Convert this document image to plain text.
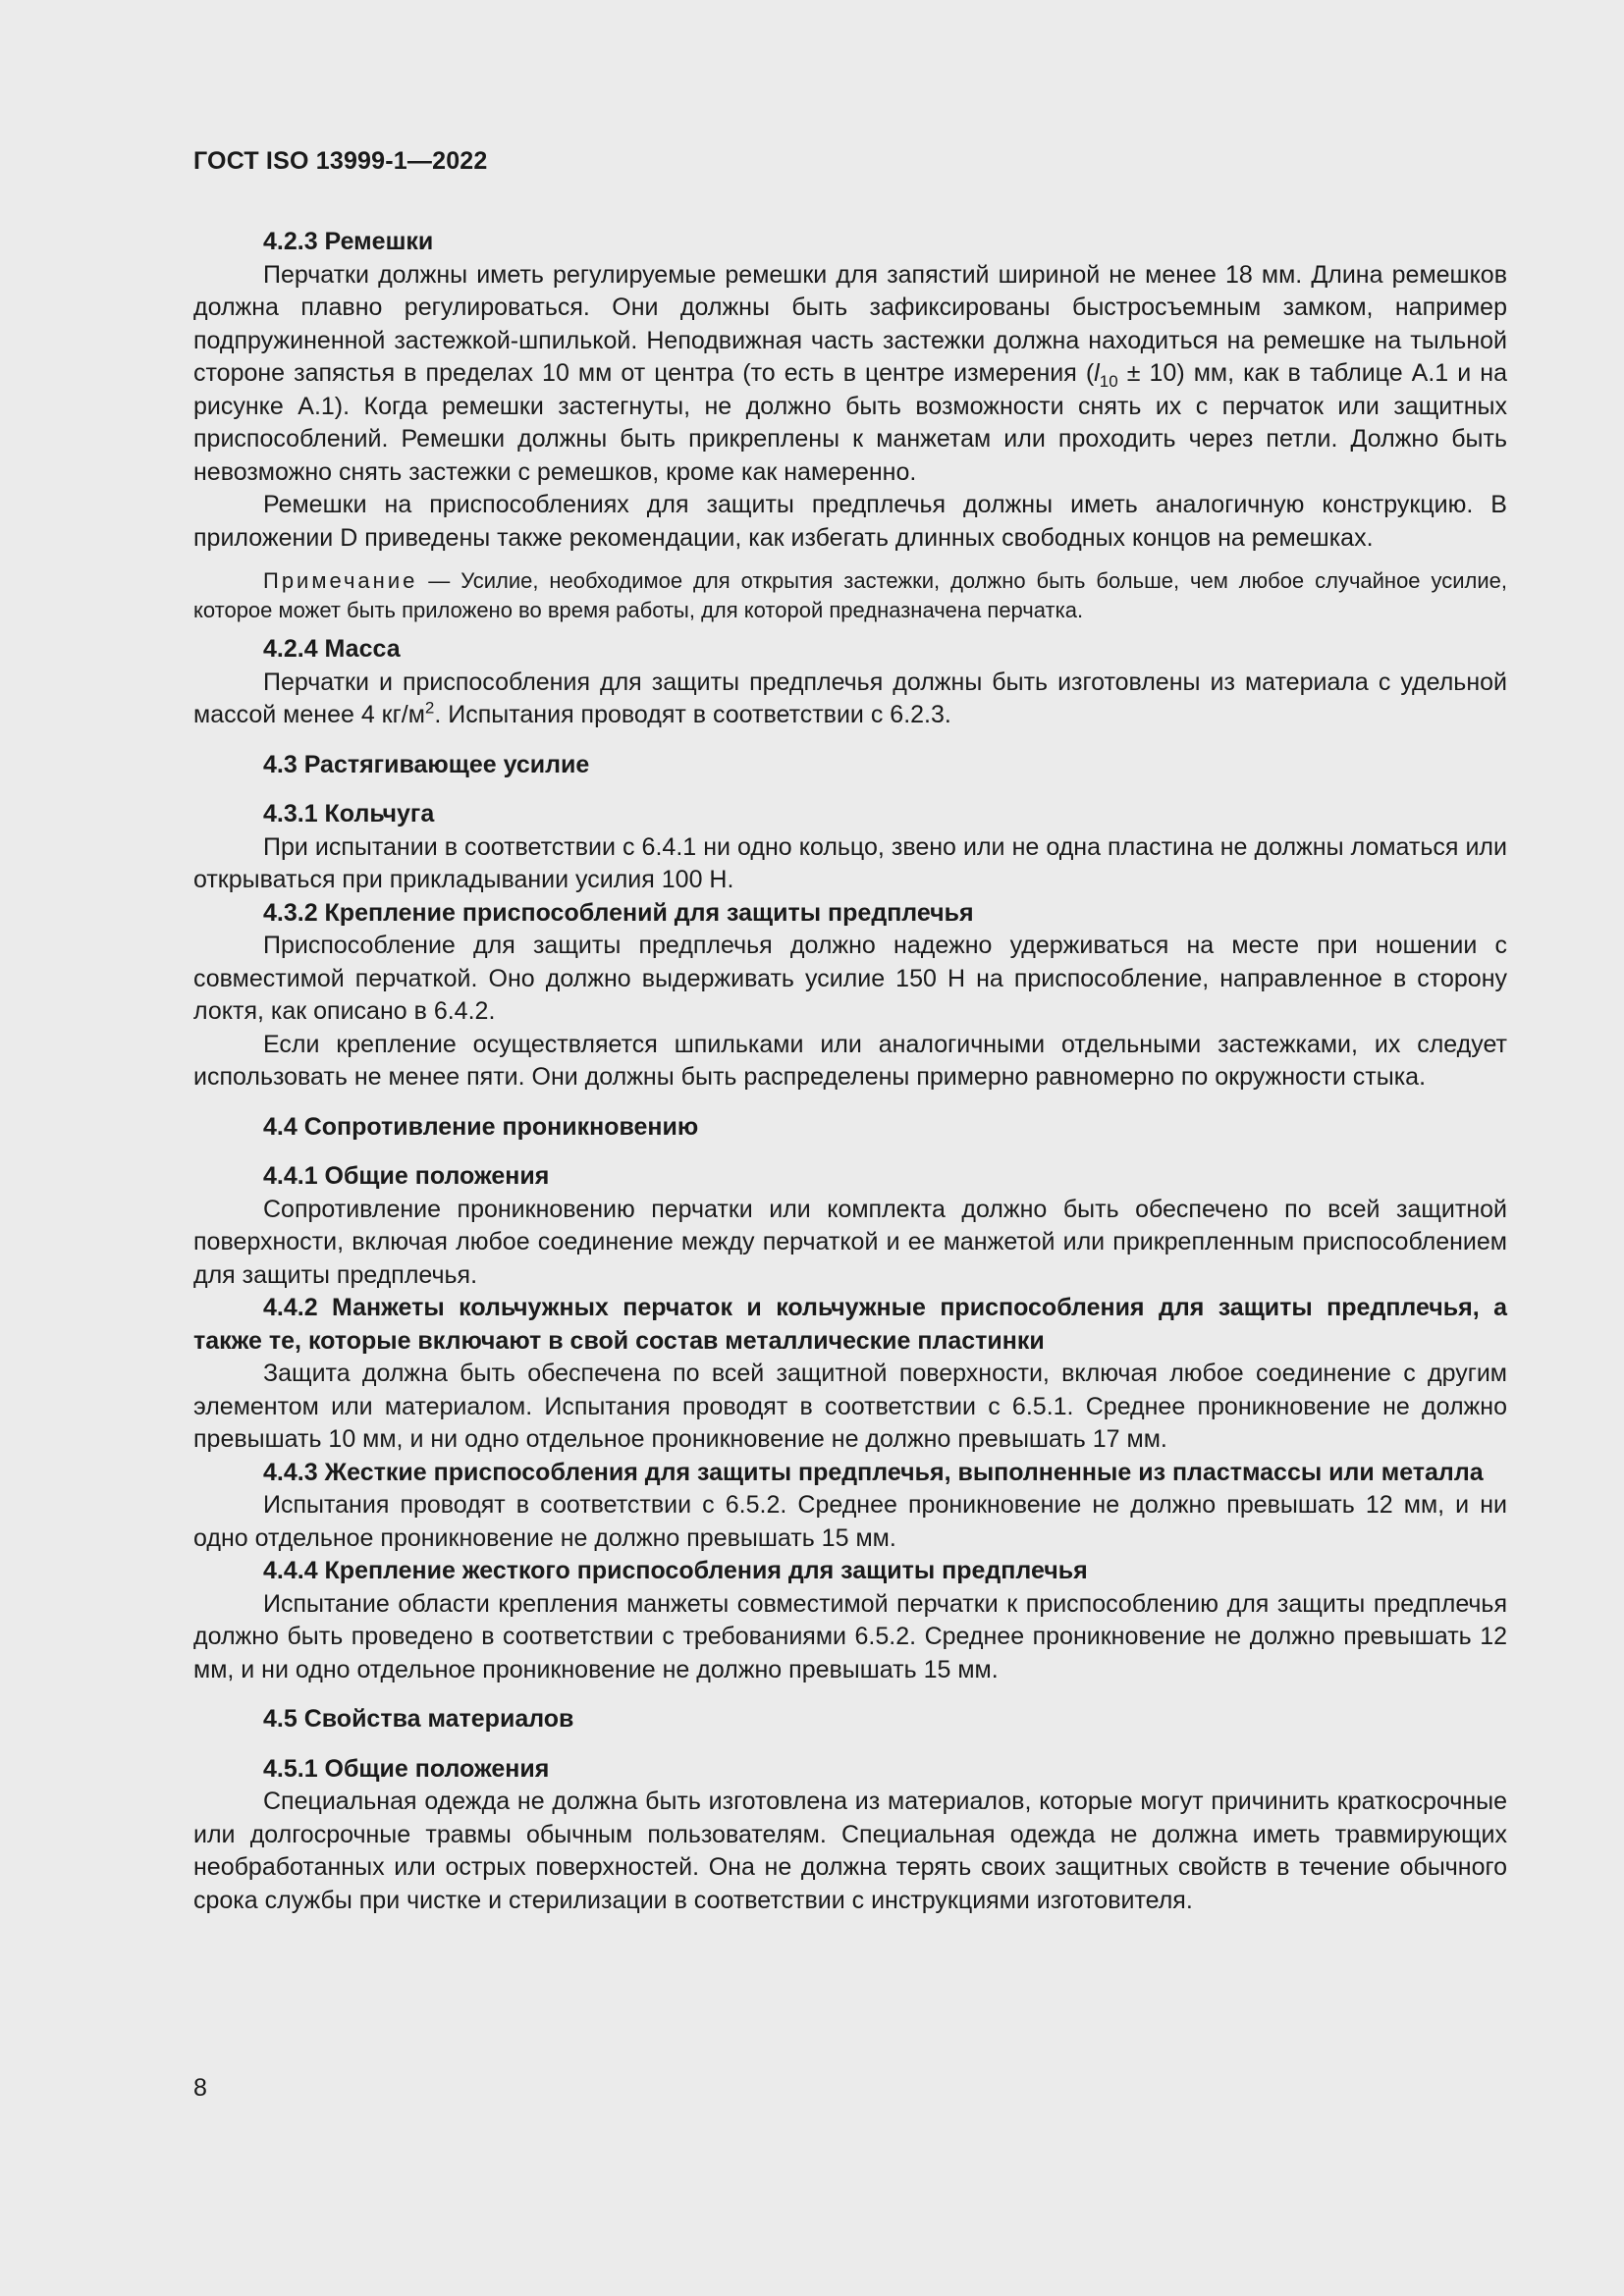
ГОСТ ISO 13999-1—2022

4.2.3 Ремешки

Перчатки должны иметь регулируемые ремешки для запястий шириной не менее 18 мм. Длина ремешков должна плавно регулироваться. Они должны быть зафиксированы быстросъемным замком, например подпружиненной застежкой-шпилькой. Неподвижная часть застежки должна находиться на ремешке на тыльной стороне запястья в пределах 10 мм от центра (то есть в центре измерения $(l_{10} \pm 10)$ мм, как в таблице А.1 и на рисунке А.1). Когда ремешки застегнуты, не должно быть возможности снять их с перчаток или защитных приспособлений. Ремешки должны быть прикреплены к манжетам или проходить через петли. Должно быть невозможно снять застежки с ремешков, кроме как намеренно.

Ремешки на приспособлениях для защиты предплечья должны иметь аналогичную конструкцию. В приложении D приведены также рекомендации, как избегать длинных свободных концов на ремешках.

Примечание — Усилие, необходимое для открытия застежки, должно быть больше, чем любое случайное усилие, которое может быть приложено во время работы, для которой предназначена перчатка.

4.2.4 Масса

Перчатки и приспособления для защиты предплечья должны быть изготовлены из материала с удельной массой менее 4 $кг/м^2$. Испытания проводят в соответствии с 6.2.3.

4.3 Растягивающее усилие

4.3.1 Кольчуга

При испытании в соответствии с 6.4.1 ни одно кольцо, звено или не одна пластина не должны ломаться или открываться при прикладывании усилия 100 Н.

4.3.2 Крепление приспособлений для защиты предплечья

Приспособление для защиты предплечья должно надежно удерживаться на месте при ношении с совместимой перчаткой. Оно должно выдерживать усилие 150 Н на приспособление, направленное в сторону локтя, как описано в 6.4.2.

Если крепление осуществляется шпильками или аналогичными отдельными застежками, их следует использовать не менее пяти. Они должны быть распределены примерно равномерно по окружности стыка.

4.4 Сопротивление проникновению

4.4.1 Общие положения

Сопротивление проникновению перчатки или комплекта должно быть обеспечено по всей защитной поверхности, включая любое соединение между перчаткой и ее манжетой или прикрепленным приспособлением для защиты предплечья.

4.4.2 Манжеты кольчужных перчаток и кольчужные приспособления для защиты предплечья, а также те, которые включают в свой состав металлические пластинки

Защита должна быть обеспечена по всей защитной поверхности, включая любое соединение с другим элементом или материалом. Испытания проводят в соответствии с 6.5.1. Среднее проникновение не должно превышать 10 мм, и ни одно отдельное проникновение не должно превышать 17 мм.

4.4.3 Жесткие приспособления для защиты предплечья, выполненные из пластмассы или металла

Испытания проводят в соответствии с 6.5.2. Среднее проникновение не должно превышать 12 мм, и ни одно отдельное проникновение не должно превышать 15 мм.

4.4.4 Крепление жесткого приспособления для защиты предплечья

Испытание области крепления манжеты совместимой перчатки к приспособлению для защиты предплечья должно быть проведено в соответствии с требованиями 6.5.2. Среднее проникновение не должно превышать 12 мм, и ни одно отдельное проникновение не должно превышать 15 мм.

4.5 Свойства материалов

4.5.1 Общие положения

Специальная одежда не должна быть изготовлена из материалов, которые могут причинить краткосрочные или долгосрочные травмы обычным пользователям. Специальная одежда не должна иметь травмирующих необработанных или острых поверхностей. Она не должна терять своих защитных свойств в течение обычного срока службы при чистке и стерилизации в соответствии с инструкциями изготовителя.

8
